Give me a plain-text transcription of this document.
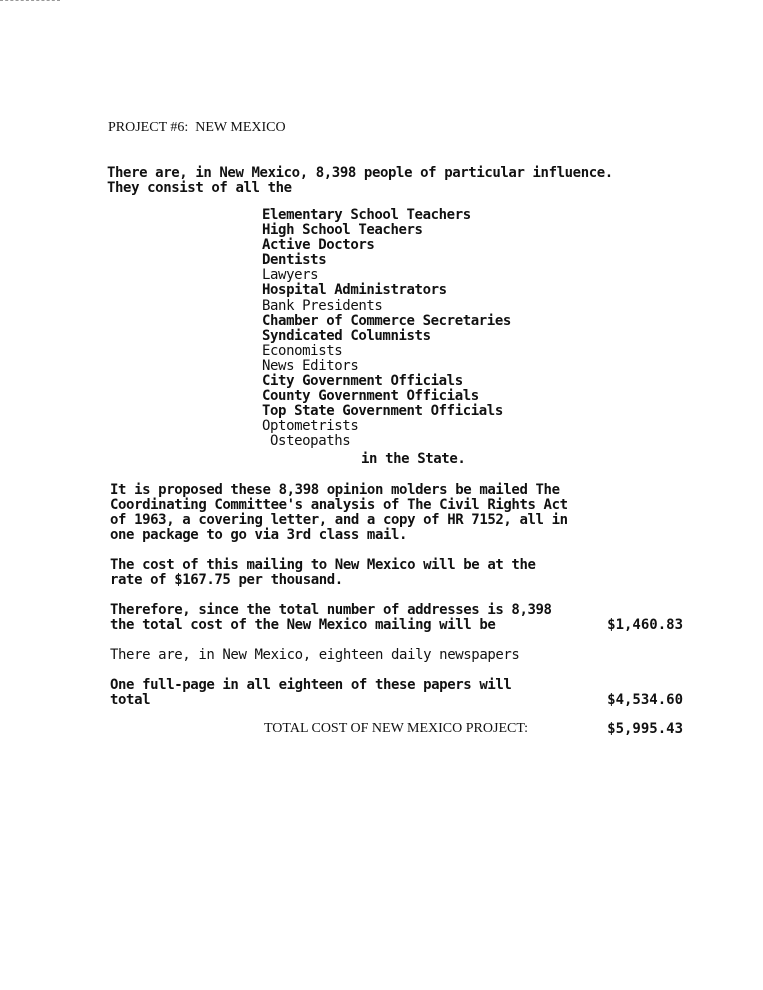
PROJECT #6:  NEW MEXICO
There are, in New Mexico, 8,398 people of particular influence.
They consist of all the
Elementary School Teachers
High School Teachers
Active Doctors
Dentists
Lawyers
Hospital Administrators
Bank Presidents
Chamber of Commerce Secretaries
Syndicated Columnists
Economists
News Editors
City Government Officials
County Government Officials
Top State Government Officials
Optometrists
Osteopaths
in the State.
It is proposed these 8,398 opinion molders be mailed The
Coordinating Committee's analysis of The Civil Rights Act
of 1963, a covering letter, and a copy of HR 7152, all in
one package to go via 3rd class mail.
The cost of this mailing to New Mexico will be at the
rate of $167.75 per thousand.
Therefore, since the total number of addresses is 8,398
the total cost of the New Mexico mailing will be	$1,460.83
There are, in New Mexico, eighteen daily newspapers
One full-page in all eighteen of these papers will
total	$4,534.60
TOTAL COST OF NEW MEXICO PROJECT:	$5,995.43
